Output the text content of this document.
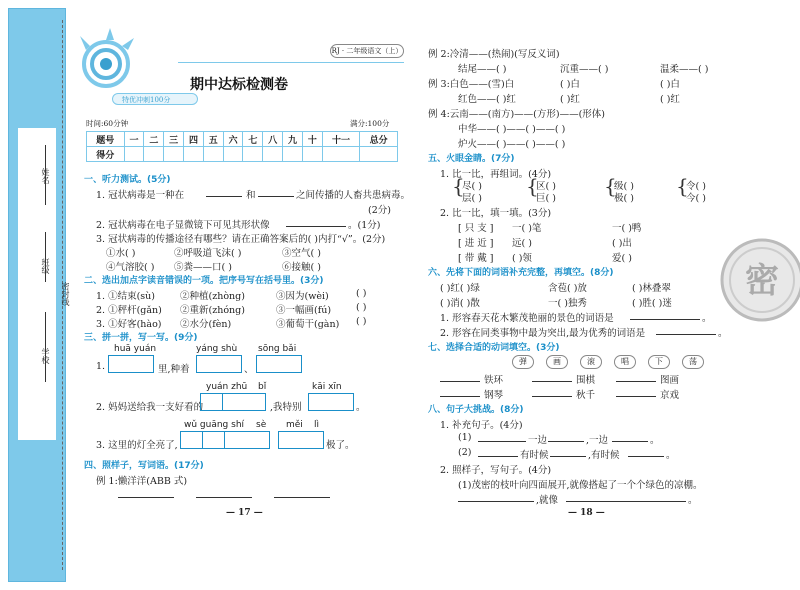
姓名
班级
密封线
学校
期中达标检测卷
特优冲刺100分
RJ · 二年级语文（上）
时间:60分钟	满分:100分
题号	一	二	三	四	五	六	七	八	九	十	十一	总分
得分												
一、听力测试。(5分)
1. 冠状病毒是一种在	和	之间传播的人畜共患病毒。
(2分)
2. 冠状病毒在电子显微镜下可见其形状像	。(1分)
3. 冠状病毒的传播途径有哪些？请在正确答案后的( )内打“√”。(2分)
①水( )	②呼吸道飞沫( )	③空气( )
④气溶胶( ) ⑤粪——口( )	⑥接触( )
二、选出加点字读音错误的一项。把序号写在括号里。(3分)
1. ①结束(sù)	②种植(zhòng)	③因为(wèi)	( )
2. ①秤杆(gǎn) ②重新(zhóng)	③一幅画(fú)	( )
3. ①好客(hào) ②水分(fèn)	③葡萄干(gàn) ( )
三、拼一拼，写一写。(9分)
huā yuán	yáng shù sōng bǎi
1.	里,种着	、
yuán zhū bǐ	kāi xīn
2. 妈妈送给我一支好看的	,我特别	。
wǔ guāng shí sè měi lì
3. 这里的灯全亮了,	极了。
四、照样子，写词语。(17分)
例 1:懒洋洋(ABB 式)
— 17 —
例 2:冷清——(热闹)(写反义词)
结尾——( )	沉重——( )	温柔——( )
例 3:白色——(雪)白	( )白	( )白
红色——( )红	( )红	( )红
例 4:云南——(南方)——(方形)——(形体)
中华——( )——( )——( )
炉火——( )——( )——( )
五、火眼金睛。(7分)
1. 比一比，再组词。(4分)
{
尽( )
层( )
{
区( )
巨( )
{
级( )
极( )
{
令( )
今( )
2. 比一比，填一填。(3分)
[ 只 支 ] 一( )笔	一( )鸭
[ 进 近 ] 远( )	( )出
[ 带 戴 ] ( )领	爱( )
六、先将下面的词语补充完整，再填空。(8分)
( )红( )绿	含苞( )放	( )林叠翠
( )消( )散	一( )独秀	( )胜( )迷
1. 形容春天花木繁茂艳丽的景色的词语是	。
2. 形容在同类事物中最为突出,最为优秀的词语是	。
七、选择合适的动词填空。(3分)
弹	画	滚	唱	下	荡
铁环	围棋	图画
钢琴	秋千	京戏
八、句子大挑战。(8分)
1. 补充句子。(4分)
(1)	一边	,一边	。
(2)	有时候	,有时候	。
2. 照样子，写句子。(4分)
(1)茂密的枝叶向四面展开,就像搭起了一个个绿色的凉棚。
,就像	。
— 18 —
密
